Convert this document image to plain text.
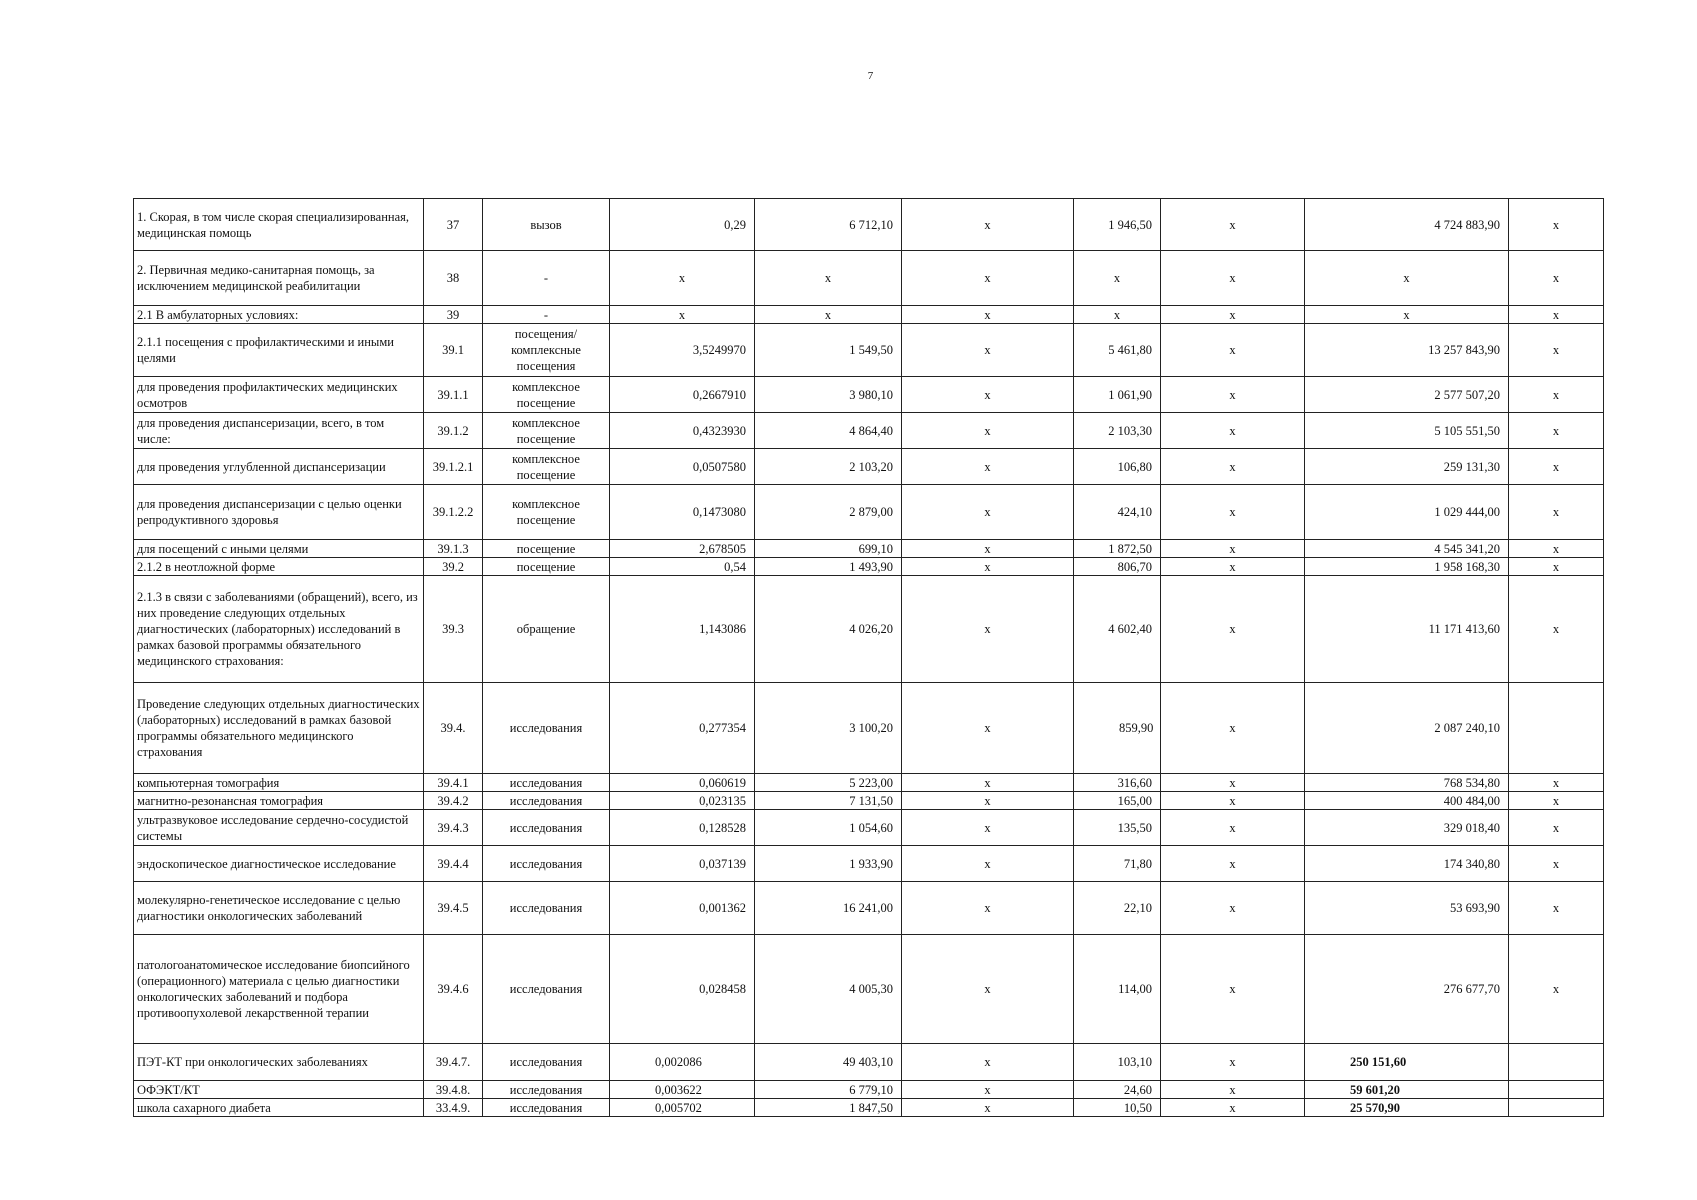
7
1. Скорая, в том числе скорая специализированная, медицинская помощь	37	вызов	0,29	6 712,10	х	1 946,50	х	4 724 883,90	х
2. Первичная медико-санитарная помощь, за исключением медицинской реабилитации	38	-	х	х	х	х	х	х	х
2.1 В амбулаторных условиях:	39	-	х	х	х	х	х	х	х
2.1.1 посещения с профилактическими и иными целями	39.1	посещения/комплексные посещения	3,5249970	1 549,50	х	5 461,80	х	13 257 843,90	х
для проведения профилактических медицинских осмотров	39.1.1	комплексное посещение	0,2667910	3 980,10	х	1 061,90	х	2 577 507,20	х
для проведения диспансеризации, всего, в том числе:	39.1.2	комплексное посещение	0,4323930	4 864,40	х	2 103,30	х	5 105 551,50	х
для проведения углубленной диспансеризации	39.1.2.1	комплексное посещение	0,0507580	2 103,20	х	106,80	х	259 131,30	х
для проведения диспансеризации с целью оценки репродуктивного здоровья	39.1.2.2	комплексное посещение	0,1473080	2 879,00	х	424,10	х	1 029 444,00	х
для посещений с иными целями	39.1.3	посещение	2,678505	699,10	х	1 872,50	х	4 545 341,20	х
2.1.2 в неотложной форме	39.2	посещение	0,54	1 493,90	х	806,70	х	1 958 168,30	х
2.1.3 в связи с заболеваниями (обращений), всего, из них проведение следующих отдельных диагностических (лабораторных) исследований в рамках базовой программы обязательного медицинского страхования:	39.3	обращение	1,143086	4 026,20	х	4 602,40	х	11 171 413,60	х
Проведение следующих отдельных диагностических (лабораторных) исследований в рамках базовой программы обязательного медицинского страхования	39.4.	исследования	0,277354	3 100,20	х	859,90	х	2 087 240,10	
компьютерная томография	39.4.1	исследования	0,060619	5 223,00	х	316,60	х	768 534,80	х
магнитно-резонансная томография	39.4.2	исследования	0,023135	7 131,50	х	165,00	х	400 484,00	х
ультразвуковое исследование сердечно-сосудистой системы	39.4.3	исследования	0,128528	1 054,60	х	135,50	х	329 018,40	х
эндоскопическое диагностическое исследование	39.4.4	исследования	0,037139	1 933,90	х	71,80	х	174 340,80	х
молекулярно-генетическое исследование с целью диагностики онкологических заболеваний	39.4.5	исследования	0,001362	16 241,00	х	22,10	х	53 693,90	х
патологоанатомическое исследование биопсийного (операционного) материала с целью диагностики онкологических заболеваний и подбора противоопухолевой лекарственной терапии	39.4.6	исследования	0,028458	4 005,30	х	114,00	х	276 677,70	х
ПЭТ-КТ при онкологических заболеваниях	39.4.7.	исследования	0,002086	49 403,10	х	103,10	х	250 151,60	
ОФЭКТ/КТ	39.4.8.	исследования	0,003622	6 779,10	х	24,60	х	59 601,20	
школа сахарного диабета	33.4.9.	исследования	0,005702	1 847,50	х	10,50	х	25 570,90	
